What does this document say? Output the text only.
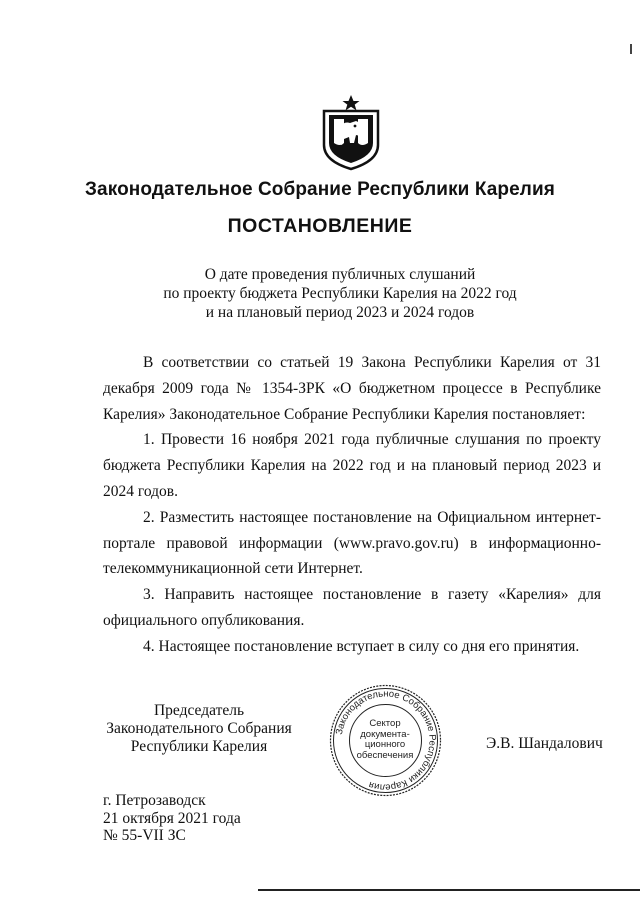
Законодательное Собрание Республики Карелия
ПОСТАНОВЛЕНИЕ
О дате проведения публичных слушаний
по проекту бюджета Республики Карелия на 2022 год
и на плановый период 2023 и 2024 годов

В соответствии со статьей 19 Закона Республики Карелия от 31 декабря 2009 года № 1354-ЗРК «О бюджетном процессе в Республике Карелия» Законодательное Собрание Республики Карелия постановляет:

1. Провести 16 ноября 2021 года публичные слушания по проекту бюджета Республики Карелия на 2022 год и на плановый период 2023 и 2024 годов.

2. Разместить настоящее постановление на Официальном интернет-портале правовой информации (www.pravo.gov.ru) в информационно-телекоммуникационной сети Интернет.

3. Направить настоящее постановление в газету «Карелия» для официального опубликования.

4. Настоящее постановление вступает в силу со дня его принятия.

Председатель
Законодательного Собрания
Республики Карелия
Законодательное Собрание Республики Карелия
Сектор
документа-
ционного
обеспечения
Э.В. Шандалович
г. Петрозаводск
21 октября 2021 года
№ 55-VII ЗС
